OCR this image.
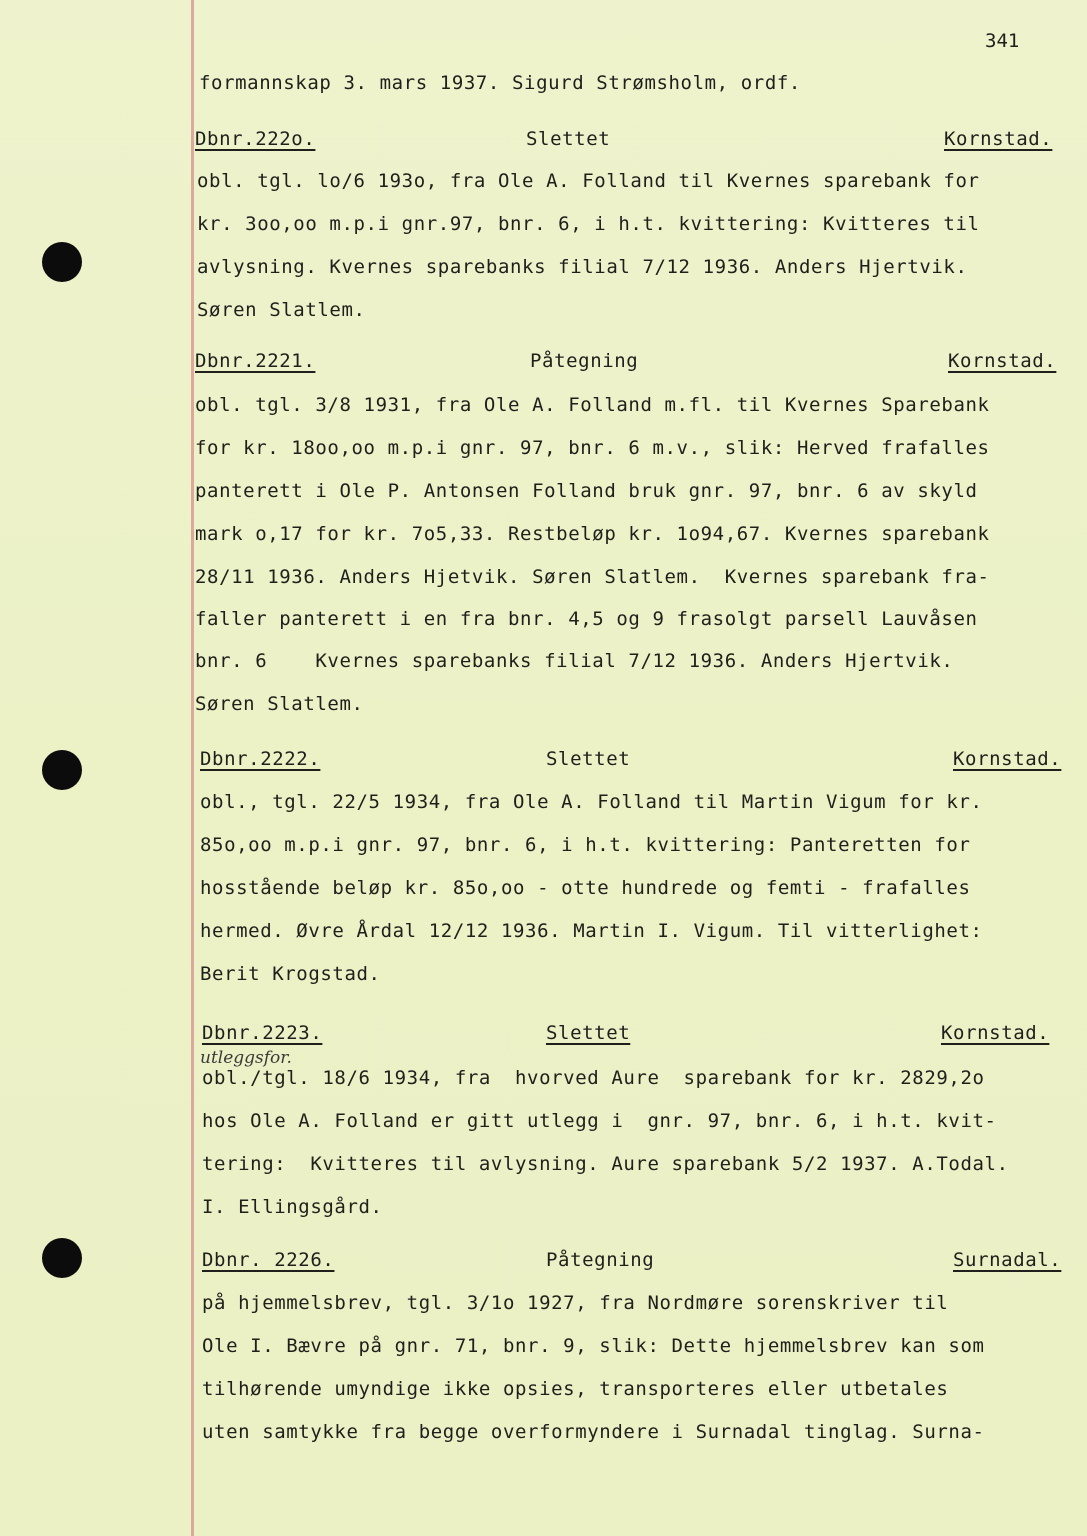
341
formannskap 3. mars 1937. Sigurd Strømsholm, ordf.
Dbnr.222o.	Slettet	Kornstad.
obl. tgl. lo/6 193o, fra Ole A. Folland til Kvernes sparebank for
kr. 3oo,oo m.p.i gnr.97, bnr. 6, i h.t. kvittering: Kvitteres til
avlysning. Kvernes sparebanks filial 7/12 1936. Anders Hjertvik.
Søren Slatlem.
Dbnr.2221.	Påtegning	Kornstad.
obl. tgl. 3/8 1931, fra Ole A. Folland m.fl. til Kvernes Sparebank
for kr. 18oo,oo m.p.i gnr. 97, bnr. 6 m.v., slik: Herved frafalles
panterett i Ole P. Antonsen Folland bruk gnr. 97, bnr. 6 av skyld
mark o,17 for kr. 7o5,33. Restbeløp kr. 1o94,67. Kvernes sparebank
28/11 1936. Anders Hjetvik. Søren Slatlem.  Kvernes sparebank fra-
faller panterett i en fra bnr. 4,5 og 9 frasolgt parsell Lauvåsen
bnr. 6    Kvernes sparebanks filial 7/12 1936. Anders Hjertvik.
Søren Slatlem.
Dbnr.2222.	Slettet	Kornstad.
obl., tgl. 22/5 1934, fra Ole A. Folland til Martin Vigum for kr.
85o,oo m.p.i gnr. 97, bnr. 6, i h.t. kvittering: Panteretten for
hosstående beløp kr. 85o,oo - otte hundrede og femti - frafalles
hermed. Øvre Årdal 12/12 1936. Martin I. Vigum. Til vitterlighet:
Berit Krogstad.
Dbnr.2223.	Slettet	Kornstad.
utleggsfor.
obl./tgl. 18/6 1934, fra  hvorved Aure  sparebank for kr. 2829,2o
hos Ole A. Folland er gitt utlegg i  gnr. 97, bnr. 6, i h.t. kvit-
tering:  Kvitteres til avlysning. Aure sparebank 5/2 1937. A.Todal.
I. Ellingsgård.
Dbnr. 2226.	Påtegning	Surnadal.
på hjemmelsbrev, tgl. 3/1o 1927, fra Nordmøre sorenskriver til
Ole I. Bævre på gnr. 71, bnr. 9, slik: Dette hjemmelsbrev kan som
tilhørende umyndige ikke opsies, transporteres eller utbetales
uten samtykke fra begge overformyndere i Surnadal tinglag. Surna-
